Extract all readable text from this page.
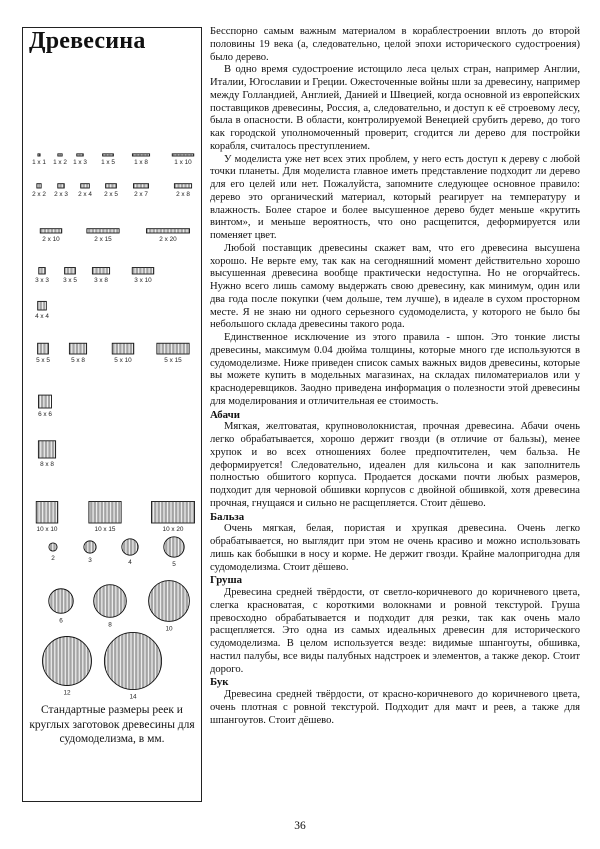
Древесина
1 x 1 1 x 2 1 x 3 1 x 5	1 x 8	1 x 10
2 x 2 2 x 3 2 x 4 2 x 5	2 x 7	2 x 8
2 x 10	2 x 15	2 x 20
3 x 3 3 x 5	3 x 8	3 x 10
4 x 4
5 x 5	5 x 8	5 x 10	5 x 15
6 x 6
8 x 8
10 x 10	10 x 15	10 x 20
2	3	4	5
6
8
10
12
14
Стандартные размеры реек и круглых заготовок древесины для судомоделизма, в мм.

Бесспорно самым важным материалом в кораблестроении вплоть до второй половины 19 века (а, следовательно, целой эпохи исторического судостроения) было дерево.

В одно время судостроение истощило леса целых стран, например Англии, Италии, Югославии и Греции. Ожесточенные войны шли за древесину, например между Голландией, Англией, Данией и Швецией, когда основной из европейских поставщиков древесины, Россия, а, следовательно, и доступ к её строевому лесу, была в опасности. В области, контролируемой Венецией срубить дерево, до того как городской уполномоченный проверит, сгодится ли дерево для постройки корабля, считалось преступлением.

У моделиста уже нет всех этих проблем, у него есть доступ к дереву с любой точки планеты. Для моделиста главное иметь представление подходит ли дерево для его целей или нет. Пожалуйста, запомните следующее основное правило: дерево это органический материал, который реагирует на температуру и влажность. Более старое и более высушенное дерево будет меньше «крутить винтом», и меньше вероятность, что оно расщепится, деформируется или поменяет цвет.

Любой поставщик древесины скажет вам, что его древесина высушена хорошо. Не верьте ему, так как на сегодняшний момент действительно хорошо высушенная древесина вообще практически недоступна. Но не огорчайтесь. Нужно всего лишь самому выдержать свою древесину, как минимум, один или два года после покупки (чем дольше, тем лучше), в идеале в сухом просторном месте. Я не знаю ни одного серьезного судомоделиста, у которого не было бы небольшого склада древесины такого рода.

Единственное исключение из этого правила - шпон. Это тонкие листы древесины, максимум 0.04 дюйма толщины, которые много где используются в судомоделизме. Ниже приведен список самых важных видов древесины, которые вы можете купить в модельных магазинах, на складах пиломатериалов или у краснодеревщиков. Заодно приведена информация о полезности этой древесины для моделирования и отличительная ее стоимость.

Абачи

Мягкая, желтоватая, крупноволокнистая, прочная древесина. Абачи очень легко обрабатывается, хорошо держит гвозди (в отличие от бальзы), менее хрупок и во всех отношениях более предпочтителен, чем бальза. Не деформируется! Следовательно, идеален для кильсона и как заполнитель полностью обшитого корпуса. Продается досками почти любых размеров, подходит для черновой обшивки корпусов с двойной обшивкой, хотя древесина прочная, гнущаяся и сильно не расщепляется. Стоит дёшево.

Бальза

Очень мягкая, белая, пористая и хрупкая древесина. Очень легко обрабатывается, но выглядит при этом не очень красиво и можно использовать лишь как бобышки в носу и корме. Не держит гвозди. Крайне малопригодна для судомоделизма. Стоит дёшево.

Груша

Древесина средней твёрдости, от светло-коричневого до коричневого цвета, слегка красноватая, с короткими волокнами и ровной текстурой. Груша превосходно обрабатывается и подходит для резки, так как очень мало расщепляется. Это одна из самых идеальных древесин для исторического судомоделизма. В целом используется везде: видимые шпангоуты, обшивка, настил палубы, все виды палубных надстроек и элементов, а также декор. Стоит дорого.

Бук

Древесина средней твёрдости, от красно-коричневого до коричневого цвета, очень плотная с ровной текстурой. Подходит для мачт и реев, а также для шпангоутов. Стоит дёшево.

36
